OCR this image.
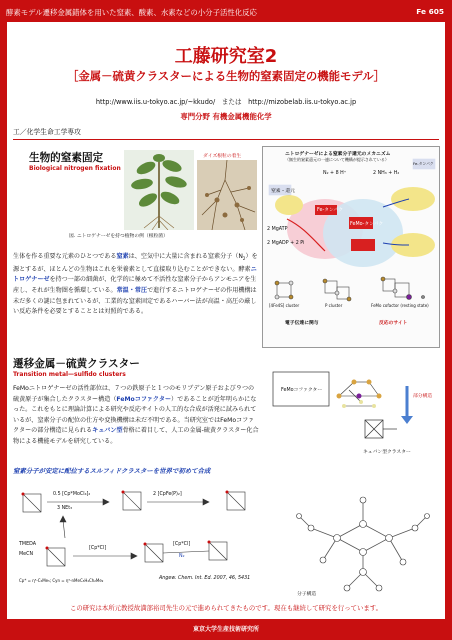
酵素モデル遷移金属錯体を用いた窒素、酸素、水素などの小分子活性化反応	Fe 605
工藤研究室2
［金属－硫黄クラスターによる生物的窒素固定の機能モデル］
http://www.iis.u-tokyo.ac.jp/~kkudo/　または　http://mizobelab.iis.u-tokyo.ac.jp
専門分野 有機金属機能化学
工／化学生命工学専攻
生物的窒素固定
Biological nitrogen fixation
ダイズ根粒の着生
図. ニトロゲナーゼを持つ植物の例（根粒菌）
生体を作る重要な元素のひとつである窒素は、空気中に大量に含まれる窒素分子$(N_2)$を源とするが、ほとんどの生物はこれを栄養素として直接取り込むことができない。酵素ニトロゲナーゼを持つ一部の細菌が、化学的に極めて不活性な窒素分子からアンモニアを生産し、それが生物圏を循環している。常温・常圧で進行するニトロゲナーゼの作用機構は未だ多くの謎に包まれているが、工業的な窒素固定であるハーバー法が高温・高圧の厳しい反応条件を必要とすることとは対照的である。
ニトロゲナーゼによる窒素分子還元のメカニズム
（無生的窒素還元の一連について機構が提示されている）
窒素・還元
Fe-タンパク
N₂ + 8 H⁺	2 NH₃ + H₂
Fe-タンパク
FeMo-タンパク
2 MgATP
2 MgADP + 2 Pi
[4Fe4S] cluster	P cluster	FeMo cofactor (resting state)
電子伝達に関与	反応のサイト
遷移金属－硫黄クラスター
Transition metal—sulfido clusters
FeMoニトロゲナーゼの活性部位は、７つの鉄原子と１つのモリブデン原子および９つの硫黄原子が集合したクラスター構造（FeMoコファクター）であることが近年明らかになった。これをもとに理論計算による研究や反応サイトの人工的な合成が活発に試みられているが、窒素分子の配位の仕方や変換機構は未だ不明である。当研究室ではFeMoコファクターの部分構造に見られるキュバン型骨格に着目して、人工の金属-硫黄クラスター化合物による機能モデルを研究している。
FeMoコファクター
部分構造
キュバン型クラスター
窒素分子が安定に配位するスルフィドクラスターを世界で初めて合成
0.5 [Cp*MoCl₄]₂
3 NEt₃
2 [CpFe(P)₂]
TMEDA
MeCN
[Cp*Cl]
[Cp*Cl]
N₂
Cp* = η⁵-C₅Me₅; Cyn = η⁵-nMeC₅H₄Ch₂Me₂	Angew. Chem. Int. Ed. 2007, 46, 5431
分子構造
この研究は本所元教授故満部裕司先生の元で進められてきたものです。現在も継続して研究を行っています。
東京大学生産技術研究所
